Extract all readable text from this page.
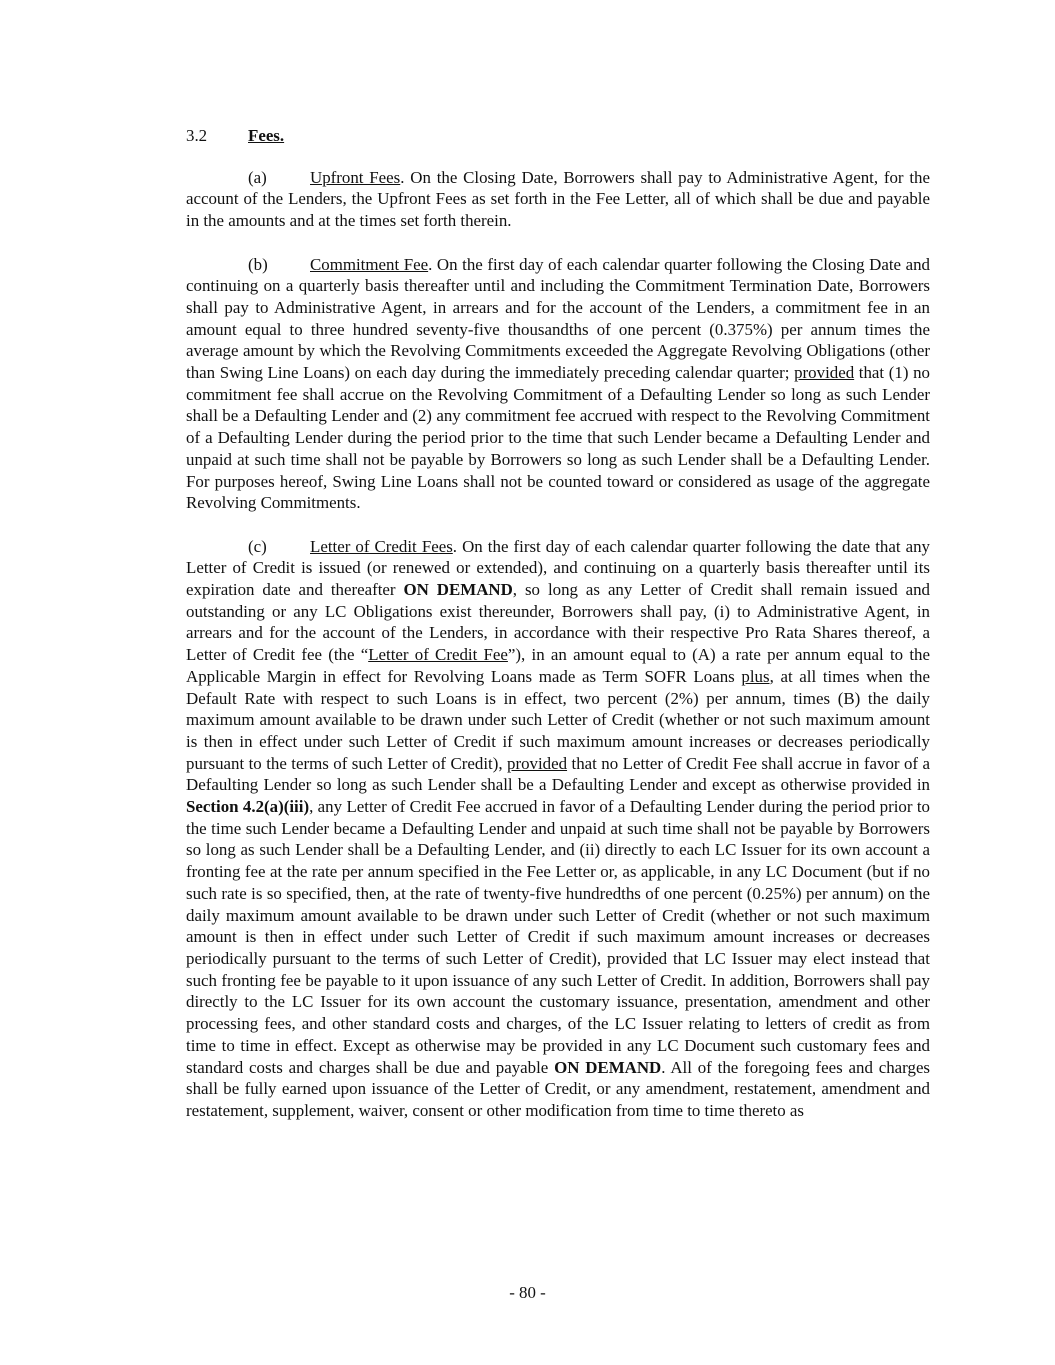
3.2 Fees.

(a)	Upfront Fees. On the Closing Date, Borrowers shall pay to Administrative Agent, for the account of the Lenders, the Upfront Fees as set forth in the Fee Letter, all of which shall be due and payable in the amounts and at the times set forth therein.

(b)	Commitment Fee. On the first day of each calendar quarter following the Closing Date and continuing on a quarterly basis thereafter until and including the Commitment Termination Date, Borrowers shall pay to Administrative Agent, in arrears and for the account of the Lenders, a commitment fee in an amount equal to three hundred seventy-five thousandths of one percent (0.375%) per annum times the average amount by which the Revolving Commitments exceeded the Aggregate Revolving Obligations (other than Swing Line Loans) on each day during the immediately preceding calendar quarter; provided that (1) no commitment fee shall accrue on the Revolving Commitment of a Defaulting Lender so long as such Lender shall be a Defaulting Lender and (2) any commitment fee accrued with respect to the Revolving Commitment of a Defaulting Lender during the period prior to the time that such Lender became a Defaulting Lender and unpaid at such time shall not be payable by Borrowers so long as such Lender shall be a Defaulting Lender. For purposes hereof, Swing Line Loans shall not be counted toward or considered as usage of the aggregate Revolving Commitments.

(c)	Letter of Credit Fees. On the first day of each calendar quarter following the date that any Letter of Credit is issued (or renewed or extended), and continuing on a quarterly basis thereafter until its expiration date and thereafter ON DEMAND, so long as any Letter of Credit shall remain issued and outstanding or any LC Obligations exist thereunder, Borrowers shall pay, (i) to Administrative Agent, in arrears and for the account of the Lenders, in accordance with their respective Pro Rata Shares thereof, a Letter of Credit fee (the “Letter of Credit Fee”), in an amount equal to (A) a rate per annum equal to the Applicable Margin in effect for Revolving Loans made as Term SOFR Loans plus, at all times when the Default Rate with respect to such Loans is in effect, two percent (2%) per annum, times (B) the daily maximum amount available to be drawn under such Letter of Credit (whether or not such maximum amount is then in effect under such Letter of Credit if such maximum amount increases or decreases periodically pursuant to the terms of such Letter of Credit), provided that no Letter of Credit Fee shall accrue in favor of a Defaulting Lender so long as such Lender shall be a Defaulting Lender and except as otherwise provided in Section 4.2(a)(iii), any Letter of Credit Fee accrued in favor of a Defaulting Lender during the period prior to the time such Lender became a Defaulting Lender and unpaid at such time shall not be payable by Borrowers so long as such Lender shall be a Defaulting Lender, and (ii) directly to each LC Issuer for its own account a fronting fee at the rate per annum specified in the Fee Letter or, as applicable, in any LC Document (but if no such rate is so specified, then, at the rate of twenty-five hundredths of one percent (0.25%) per annum) on the daily maximum amount available to be drawn under such Letter of Credit (whether or not such maximum amount is then in effect under such Letter of Credit if such maximum amount increases or decreases periodically pursuant to the terms of such Letter of Credit), provided that LC Issuer may elect instead that such fronting fee be payable to it upon issuance of any such Letter of Credit. In addition, Borrowers shall pay directly to the LC Issuer for its own account the customary issuance, presentation, amendment and other processing fees, and other standard costs and charges, of the LC Issuer relating to letters of credit as from time to time in effect. Except as otherwise may be provided in any LC Document such customary fees and standard costs and charges shall be due and payable ON DEMAND. All of the foregoing fees and charges shall be fully earned upon issuance of the Letter of Credit, or any amendment, restatement, amendment and restatement, supplement, waiver, consent or other modification from time to time thereto as

- 80 -
